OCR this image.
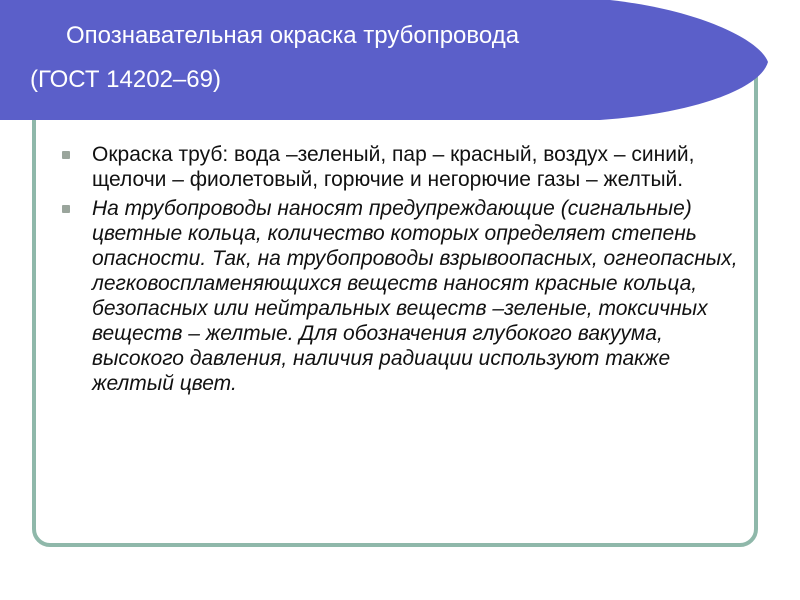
Опознавательная окраска трубопровода
(ГОСТ 14202–69)
Окраска труб: вода –зеленый, пар – красный, воздух – синий, щелочи – фиолетовый, горючие и негорючие газы – желтый.
На трубопроводы наносят предупреждающие (сигнальные) цветные кольца, количество которых определяет степень опасности. Так, на трубопроводы взрывоопасных, огнеопасных, легковоспламеняющихся веществ наносят красные кольца, безопасных или нейтральных веществ –зеленые, токсичных веществ – желтые. Для обозначения глубокого вакуума, высокого давления, наличия радиации используют также желтый цвет.
